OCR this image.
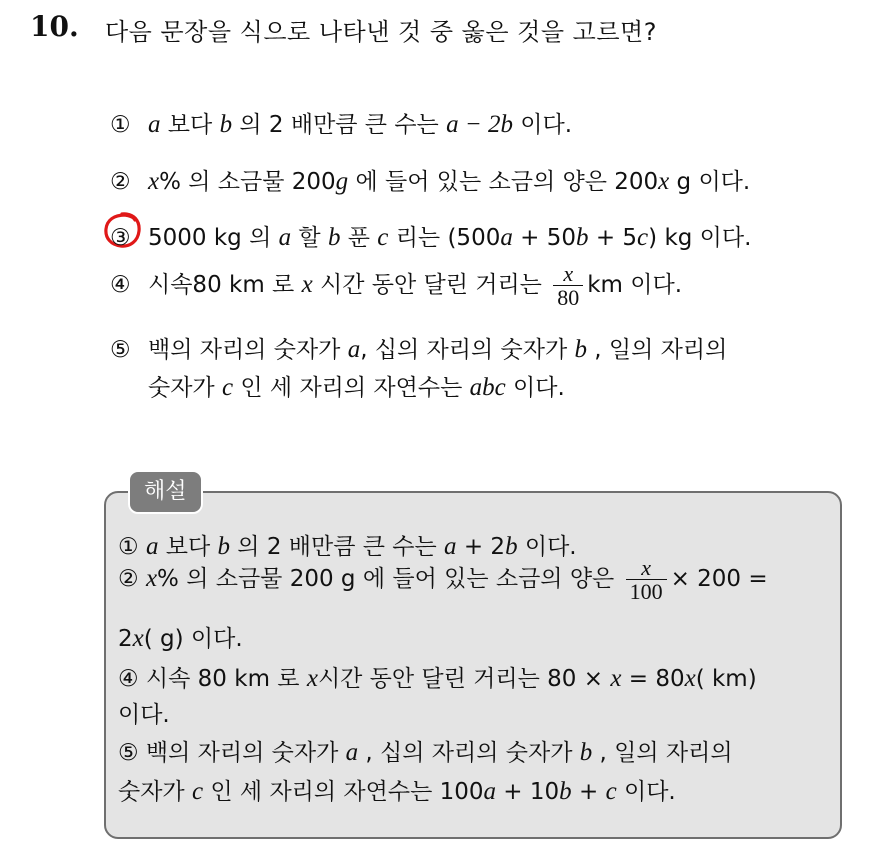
10. 다음 문장을 식으로 나타낸 것 중 옳은 것을 고르면?
① a 보다 b 의 2 배만큼 큰 수는 a − 2b 이다.
② x% 의 소금물 200g 에 들어 있는 소금의 양은 200x g 이다.
③ 5000 kg 의 a 할 b 푼 c 리는 (500a + 50b + 5c) kg 이다.
④ 시속80 km 로 x 시간 동안 달린 거리는 $\frac{x}{80}$ km 이다.
⑤ 백의 자리의 숫자가 a, 십의 자리의 숫자가 b , 일의 자리의
숫자가 c 인 세 자리의 자연수는 abc 이다.
해설
① a 보다 b 의 2 배만큼 큰 수는 a + 2b 이다.
② x% 의 소금물 200 g 에 들어 있는 소금의 양은 $\frac{x}{100} \times 200$ =
2x( g) 이다.
④ 시속 80 km 로 x시간 동안 달린 거리는 80 × x = 80x( km)
이다.
⑤ 백의 자리의 숫자가 a , 십의 자리의 숫자가 b , 일의 자리의
숫자가 c 인 세 자리의 자연수는 100a + 10b + c 이다.
